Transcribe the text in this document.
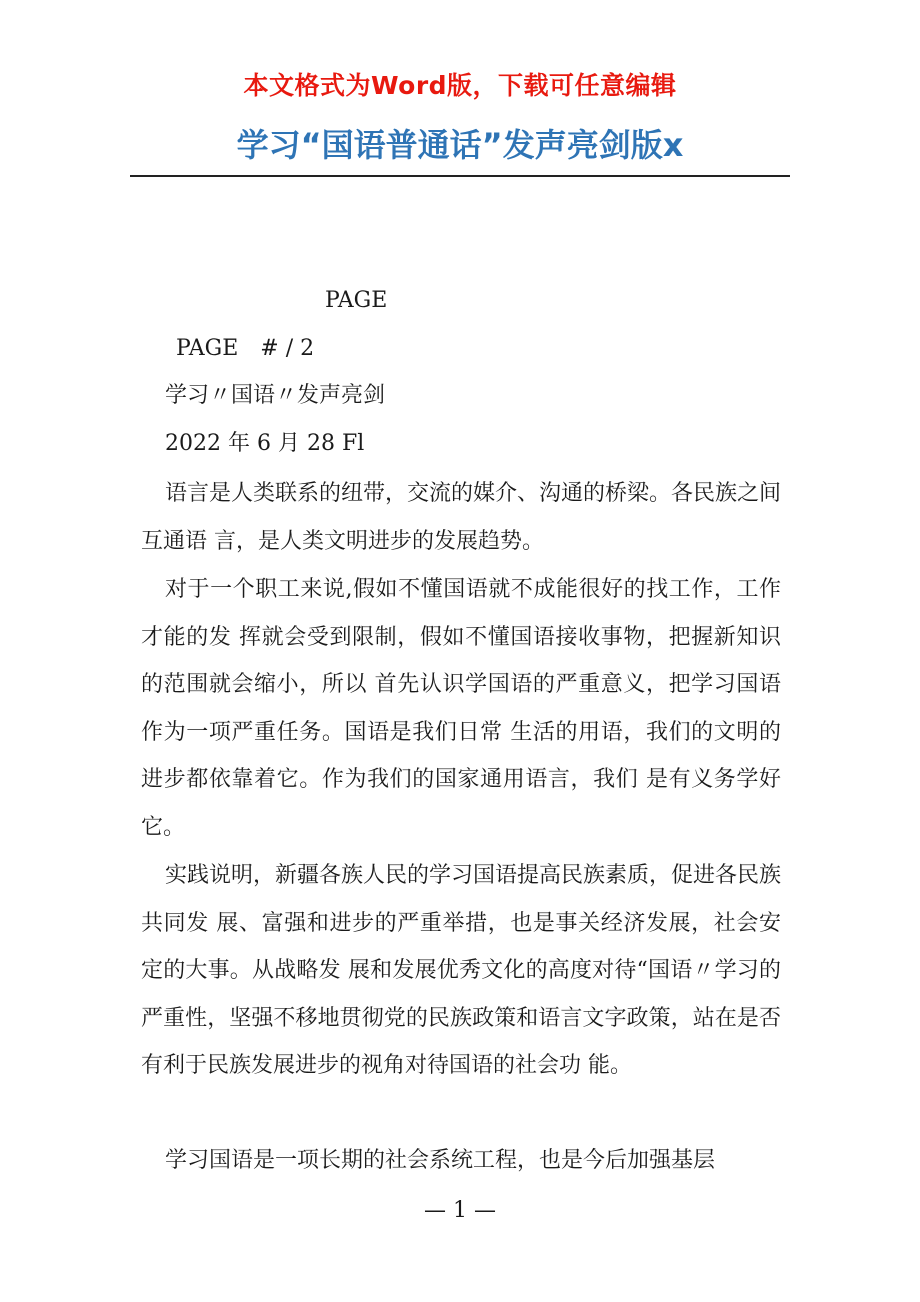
本文格式为Word版，下载可任意编辑
学习“国语普通话”发声亮剑版x
PAGE
PAGE　# / 2
学习〃国语〃发声亮剑
2022 年 6 月 28 Fl
语言是人类联系的纽带，交流的媒介、沟通的桥梁。各民族之间互通语 言，是人类文明进步的发展趋势。
对于一个职工来说,假如不懂国语就不成能很好的找工作，工作才能的发 挥就会受到限制，假如不懂国语接收事物，把握新知识的范围就会缩小，所以 首先认识学国语的严重意义，把学习国语作为一项严重任务。国语是我们日常 生活的用语，我们的文明的进步都依靠着它。作为我们的国家通用语言，我们 是有义务学好它。
实践说明，新疆各族人民的学习国语提高民族素质，促进各民族共同发 展、富强和进步的严重举措，也是事关经济发展，社会安定的大事。从战略发 展和发展优秀文化的高度对待“国语〃学习的严重性，坚强不移地贯彻党的民族政策和语言文字政策，站在是否有利于民族发展进步的视角对待国语的社会功 能。
学习国语是一项长期的社会系统工程，也是今后加强基层
— 1 —
